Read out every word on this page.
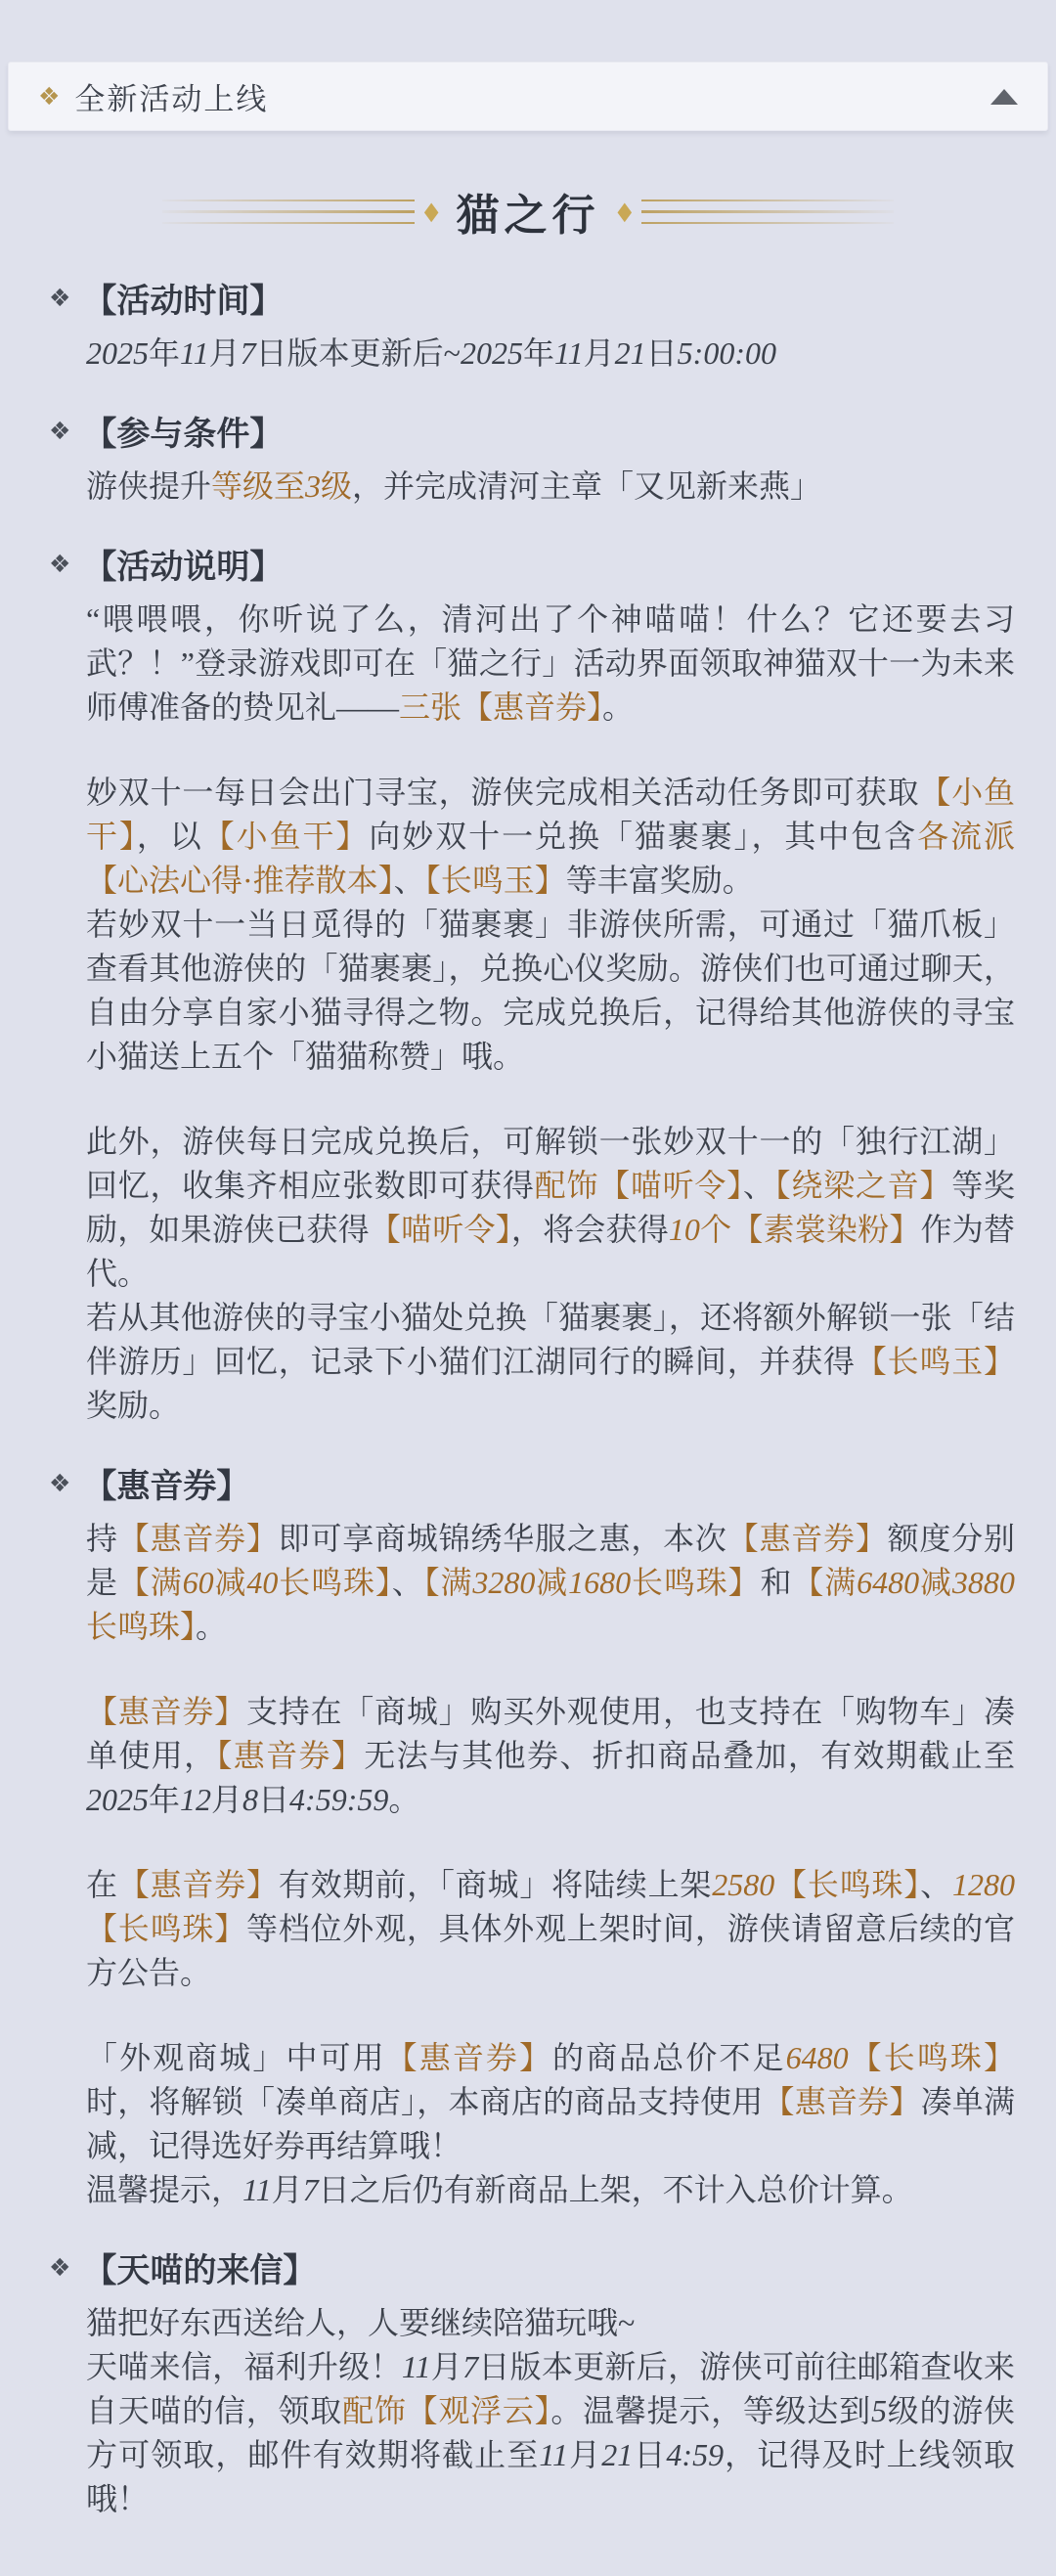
❖ 全新活动上线
◆ 猫之行 ◆
❖ 【活动时间】

2025年11月7日版本更新后~2025年11月21日5:00:00

❖ 【参与条件】

游侠提升等级至3级，并完成清河主章「又见新来燕」

❖ 【活动说明】

“喂喂喂，你听说了么，清河出了个神喵喵！什么？它还要去习武？！”登录游戏即可在「猫之行」活动界面领取神猫双十一为未来师傅准备的贽见礼——三张【惠音券】。

妙双十一每日会出门寻宝，游侠完成相关活动任务即可获取【小鱼干】，以【小鱼干】向妙双十一兑换「猫裹裹」，其中包含各流派【心法心得·推荐散本】、【长鸣玉】等丰富奖励。

若妙双十一当日觅得的「猫裹裹」非游侠所需，可通过「猫爪板」查看其他游侠的「猫裹裹」，兑换心仪奖励。游侠们也可通过聊天，自由分享自家小猫寻得之物。完成兑换后，记得给其他游侠的寻宝小猫送上五个「猫猫称赞」哦。

此外，游侠每日完成兑换后，可解锁一张妙双十一的「独行江湖」回忆，收集齐相应张数即可获得配饰【喵听令】、【绕梁之音】等奖励，如果游侠已获得【喵听令】，将会获得10个【素裳染粉】作为替代。

若从其他游侠的寻宝小猫处兑换「猫裹裹」，还将额外解锁一张「结伴游历」回忆，记录下小猫们江湖同行的瞬间，并获得【长鸣玉】奖励。

❖ 【惠音券】

持【惠音券】即可享商城锦绣华服之惠，本次【惠音券】额度分别是【满60减40长鸣珠】、【满3280减1680长鸣珠】和【满6480减3880长鸣珠】。

【惠音券】支持在「商城」购买外观使用，也支持在「购物车」凑单使用，【惠音券】无法与其他券、折扣商品叠加，有效期截止至2025年12月8日4:59:59。

在【惠音券】有效期前，「商城」将陆续上架2580【长鸣珠】、1280【长鸣珠】等档位外观，具体外观上架时间，游侠请留意后续的官方公告。

「外观商城」中可用【惠音券】的商品总价不足6480【长鸣珠】时，将解锁「凑单商店」，本商店的商品支持使用【惠音券】凑单满减，记得选好券再结算哦！

温馨提示，11月7日之后仍有新商品上架，不计入总价计算。

❖ 【天喵的来信】

猫把好东西送给人，人要继续陪猫玩哦~

天喵来信，福利升级！11月7日版本更新后，游侠可前往邮箱查收来自天喵的信，领取配饰【观浮云】。温馨提示，等级达到5级的游侠方可领取，邮件有效期将截止至11月21日4:59，记得及时上线领取哦！
